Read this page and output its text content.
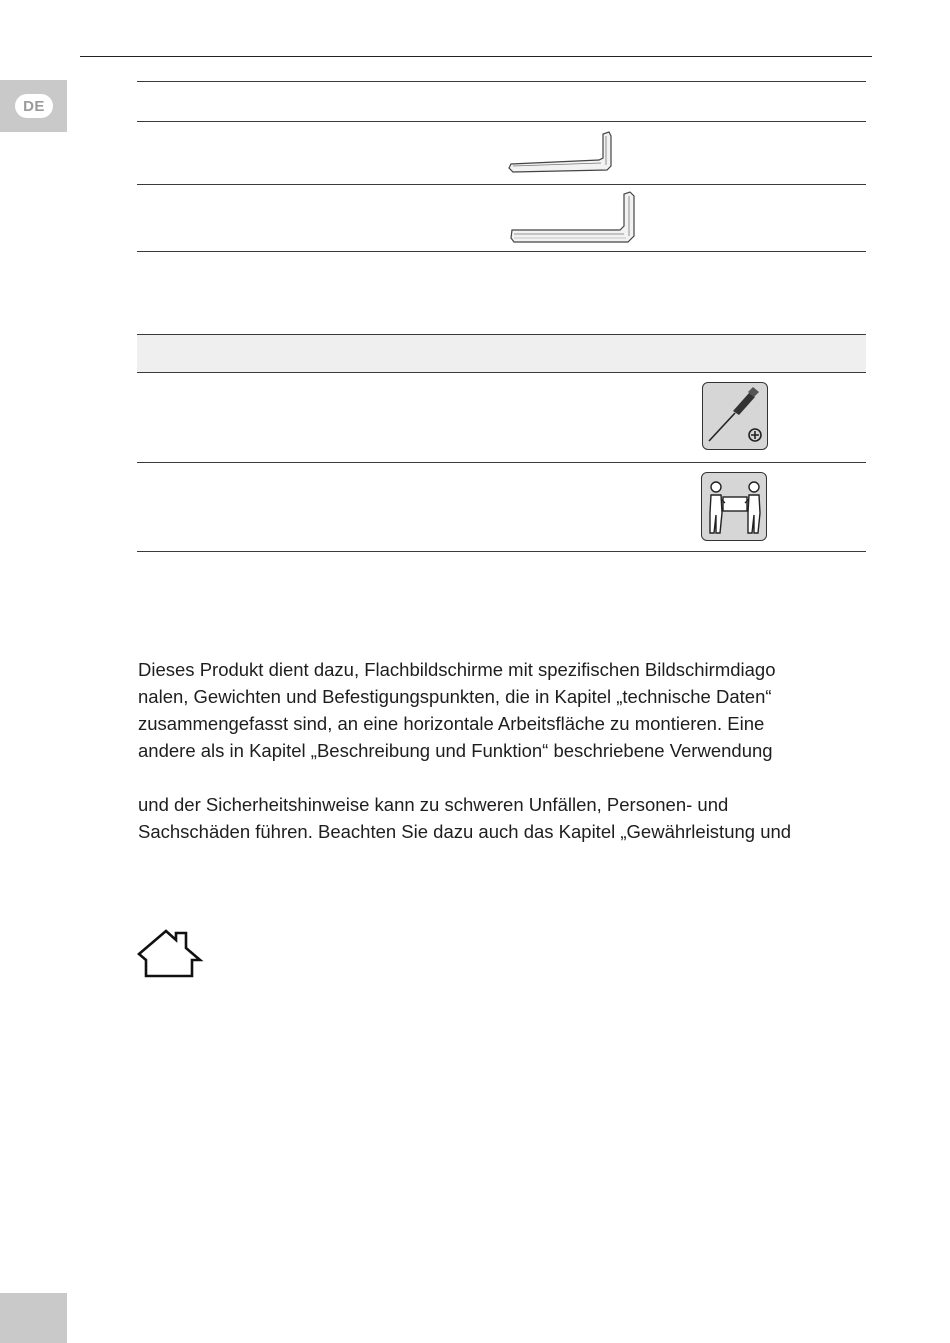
DE
Dieses Produkt dient dazu, Flachbildschirme mit spezifischen Bildschirmdiago
nalen, Gewichten und Befestigungspunkten, die in Kapitel „technische Daten“
zusammengefasst sind, an eine horizontale Arbeitsfläche zu montieren. Eine
andere als in Kapitel „Beschreibung und Funktion“ beschriebene Verwendung
und der Sicherheitshinweise kann zu schweren Unfällen, Personen- und
Sachschäden führen. Beachten Sie dazu auch das Kapitel „Gewährleistung und
